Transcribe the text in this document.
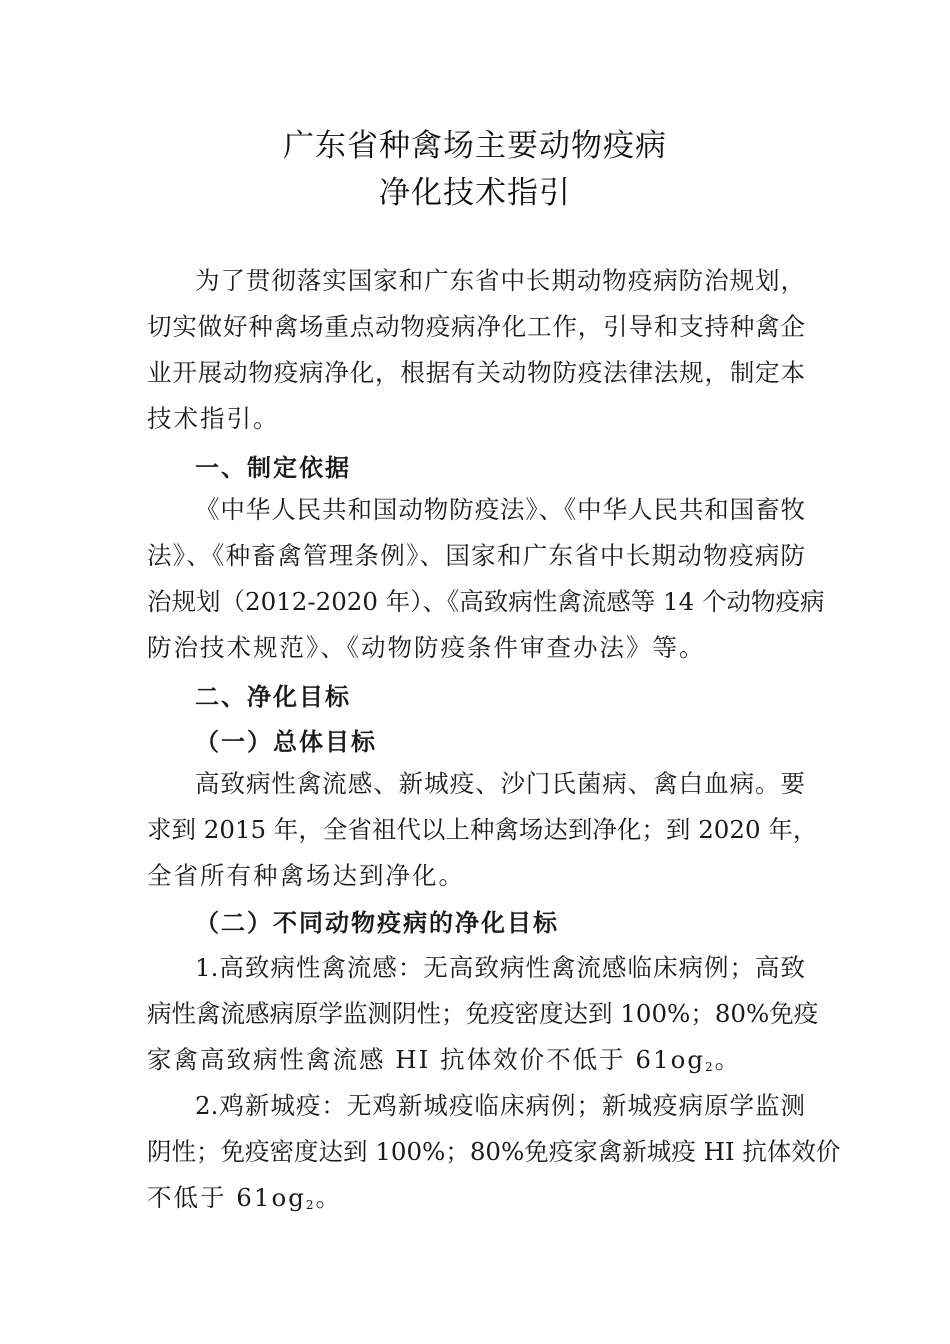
广东省种禽场主要动物疫病
净化技术指引
为了贯彻落实国家和广东省中长期动物疫病防治规划，
切实做好种禽场重点动物疫病净化工作，引导和支持种禽企
业开展动物疫病净化，根据有关动物防疫法律法规，制定本
技术指引。
一、制定依据
《中华人民共和国动物防疫法》、《中华人民共和国畜牧
法》、《种畜禽管理条例》、国家和广东省中长期动物疫病防
治规划（2012-2020 年）、《高致病性禽流感等 14 个动物疫病
防治技术规范》、《动物防疫条件审查办法》等。
二、净化目标
（一）总体目标
高致病性禽流感、新城疫、沙门氏菌病、禽白血病。要
求到 2015 年，全省祖代以上种禽场达到净化；到 2020 年，
全省所有种禽场达到净化。
（二）不同动物疫病的净化目标
1.高致病性禽流感：无高致病性禽流感临床病例；高致
病性禽流感病原学监测阴性；免疫密度达到 100%；80%免疫
家禽高致病性禽流感 HI 抗体效价不低于 $61og_2$。
2.鸡新城疫：无鸡新城疫临床病例；新城疫病原学监测
阴性；免疫密度达到 100%；80%免疫家禽新城疫 HI 抗体效价
不低于 $61og_2$。
